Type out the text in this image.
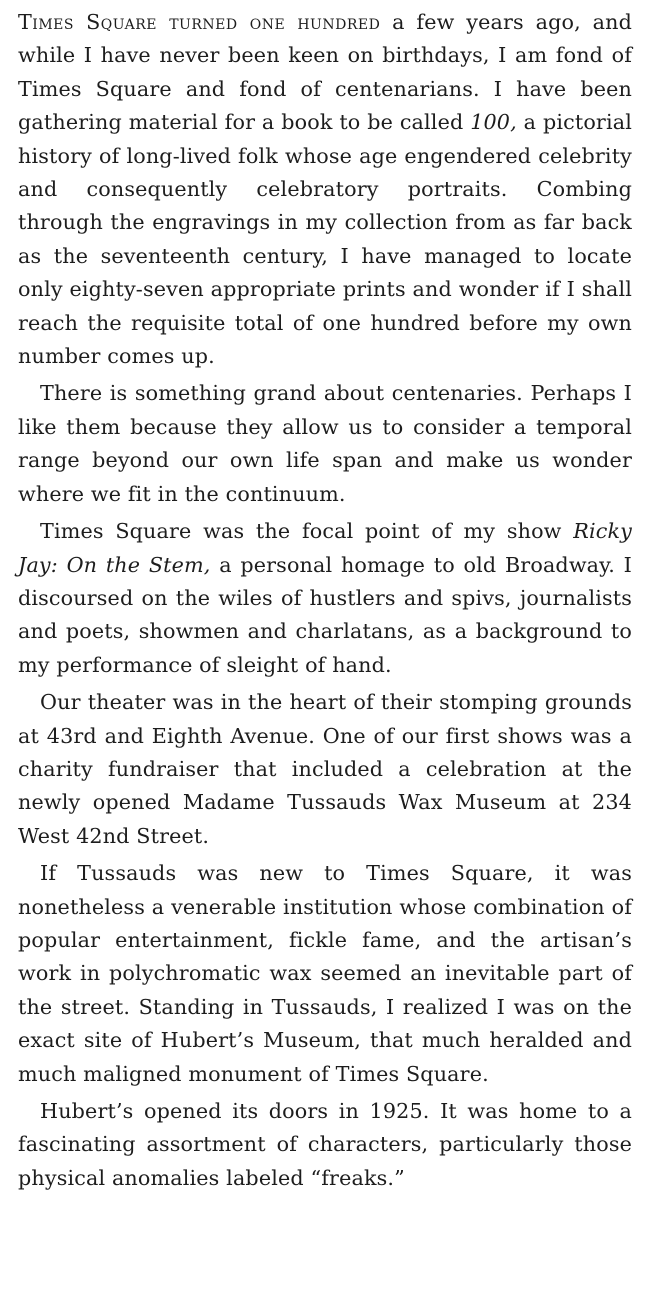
Times Square turned one hundred a few years ago, and while I have never been keen on birthdays, I am fond of Times Square and fond of centenarians. I have been gathering material for a book to be called 100, a pictorial history of long-lived folk whose age engendered celebrity and consequently celebratory portraits. Combing through the engravings in my collection from as far back as the seventeenth century, I have managed to locate only eighty-seven appropriate prints and wonder if I shall reach the requisite total of one hundred before my own number comes up.

There is something grand about centenaries. Perhaps I like them because they allow us to consider a temporal range beyond our own life span and make us wonder where we fit in the continuum.

Times Square was the focal point of my show Ricky Jay: On the Stem, a personal homage to old Broadway. I discoursed on the wiles of hustlers and spivs, journalists and poets, showmen and charlatans, as a background to my performance of sleight of hand.

Our theater was in the heart of their stomping grounds at 43rd and Eighth Avenue. One of our first shows was a charity fundraiser that included a celebration at the newly opened Madame Tussauds Wax Museum at 234 West 42nd Street.

If Tussauds was new to Times Square, it was nonetheless a venerable institution whose combination of popular entertainment, fickle fame, and the artisan’s work in polychromatic wax seemed an inevitable part of the street. Standing in Tussauds, I realized I was on the exact site of Hubert’s Museum, that much heralded and much maligned monument of Times Square.

Hubert’s opened its doors in 1925. It was home to a fascinating assortment of characters, particularly those physical anomalies labeled “freaks.”
